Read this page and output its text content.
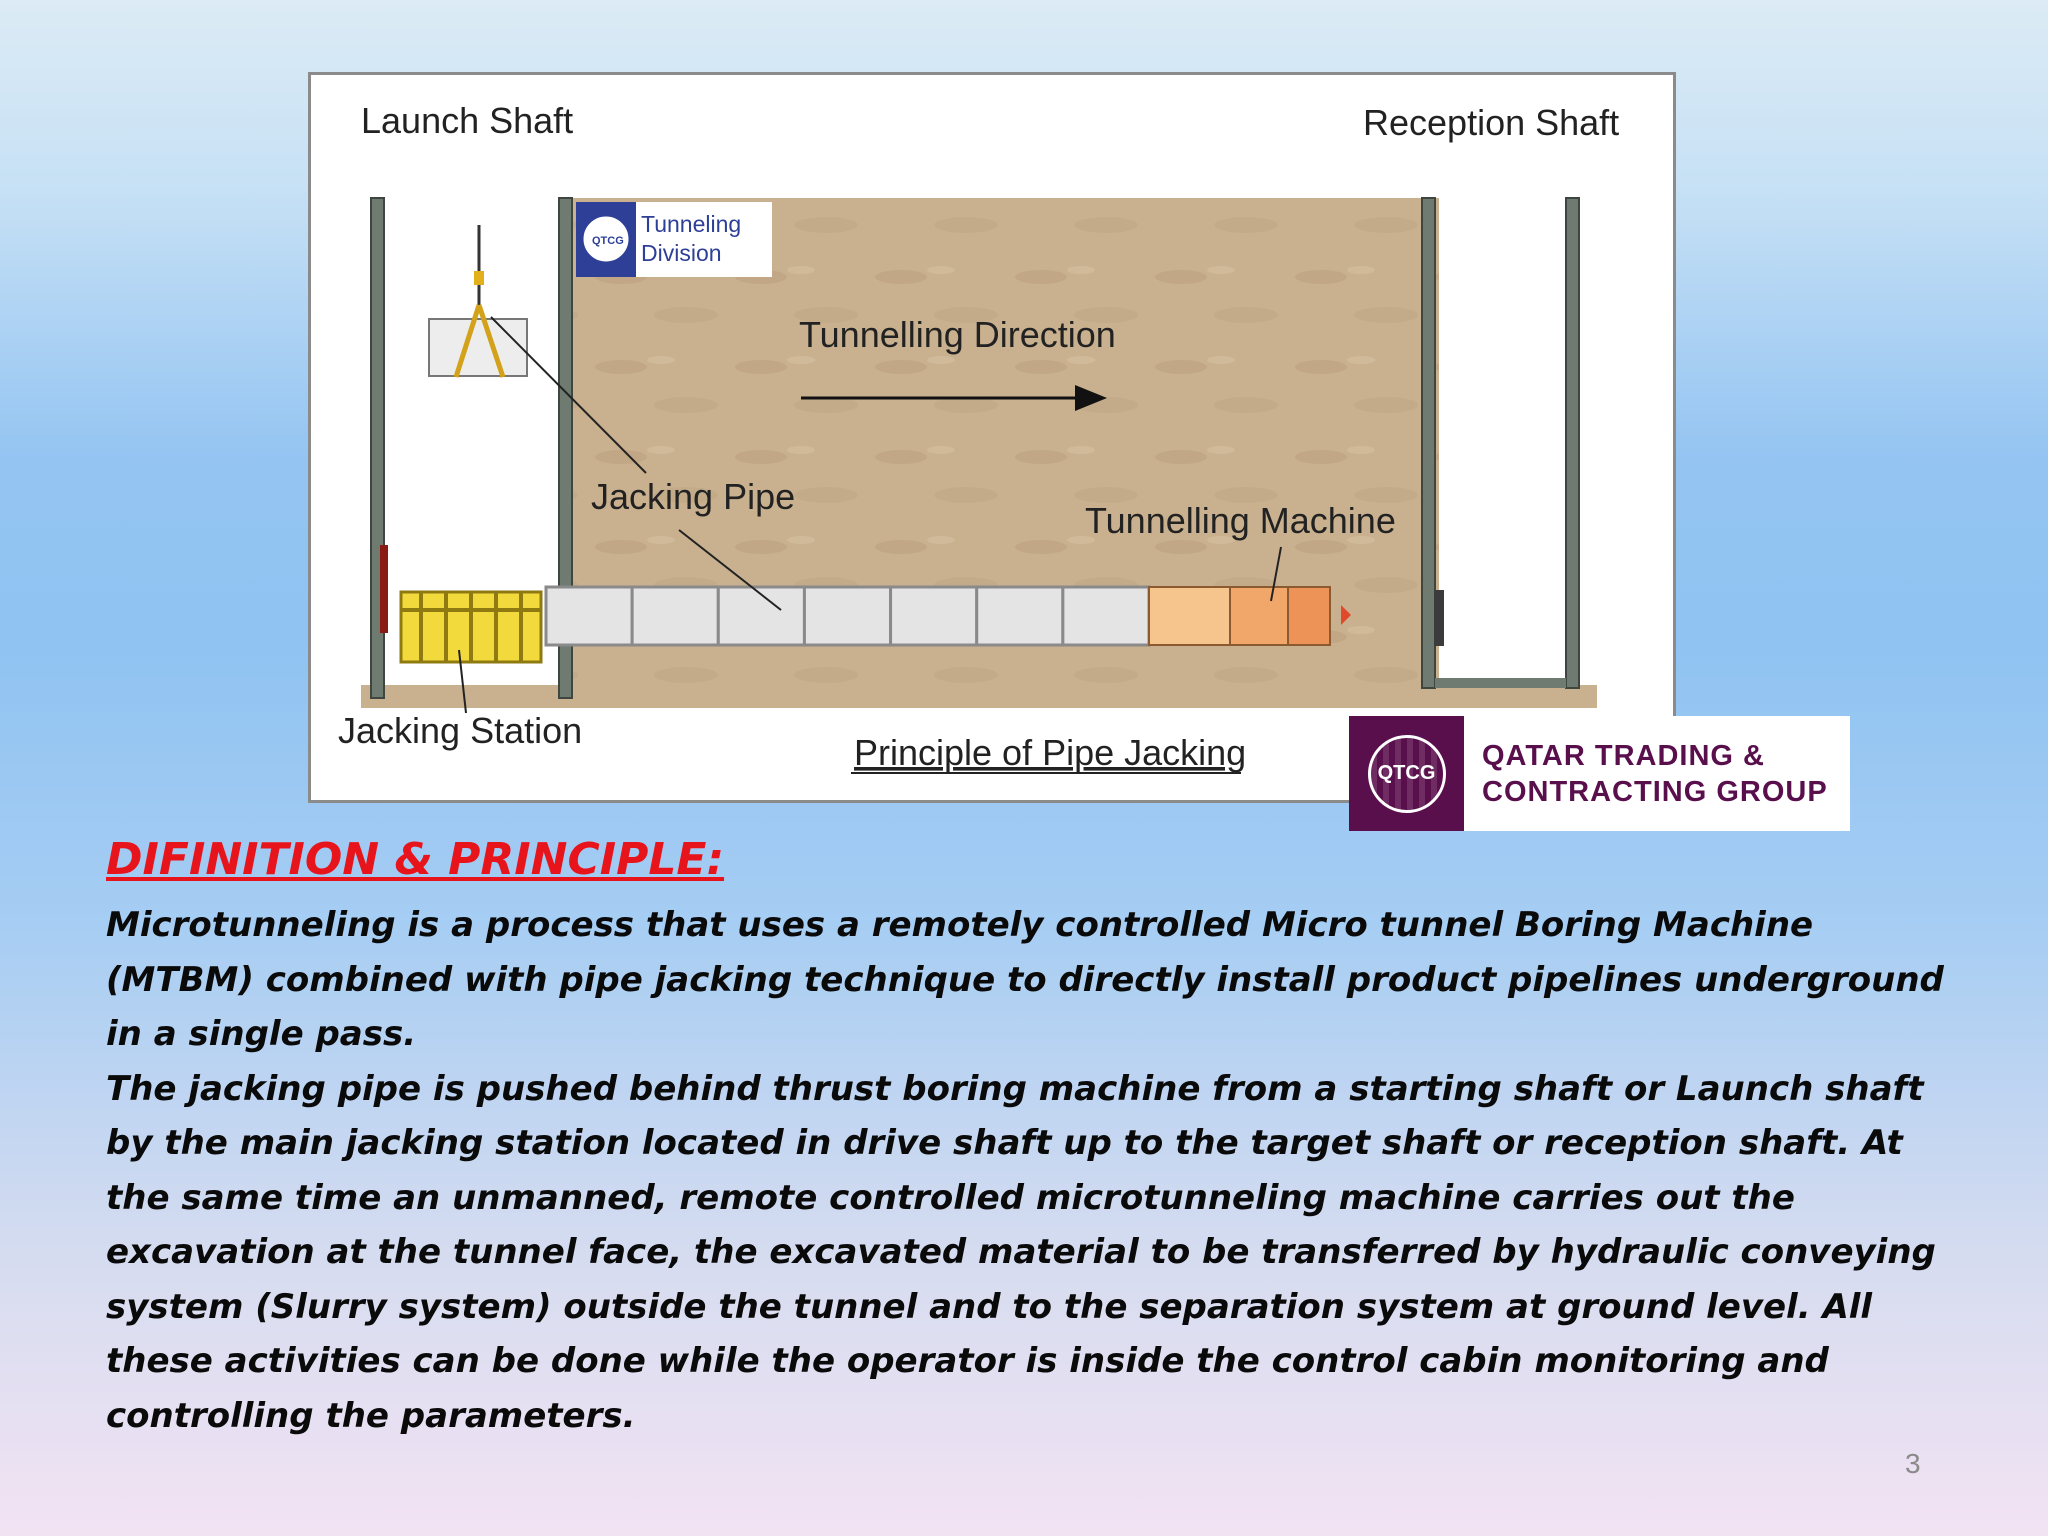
Launch Shaft	Reception Shaft
Tunnelling Direction
Jacking Pipe
Tunnelling Machine
Jacking Station
Principle of Pipe Jacking
QTCG
Tunneling
Division
QTCG
QATAR TRADING &
CONTRACTING GROUP
DIFINITION & PRINCIPLE:

Microtunneling is a process that uses a remotely controlled Micro tunnel Boring Machine (MTBM) combined with pipe jacking technique to directly install product pipelines underground in a single pass.

The jacking pipe is pushed behind thrust boring machine from a starting shaft or Launch shaft by the main jacking station located in drive shaft up to the target shaft or reception shaft. At the same time an unmanned, remote controlled microtunneling machine carries out the excavation at the tunnel face, the excavated material to be transferred by hydraulic conveying system (Slurry system) outside the tunnel and to the separation system at ground level. All these activities can be done while the operator is inside the control cabin monitoring and controlling the parameters.

3
